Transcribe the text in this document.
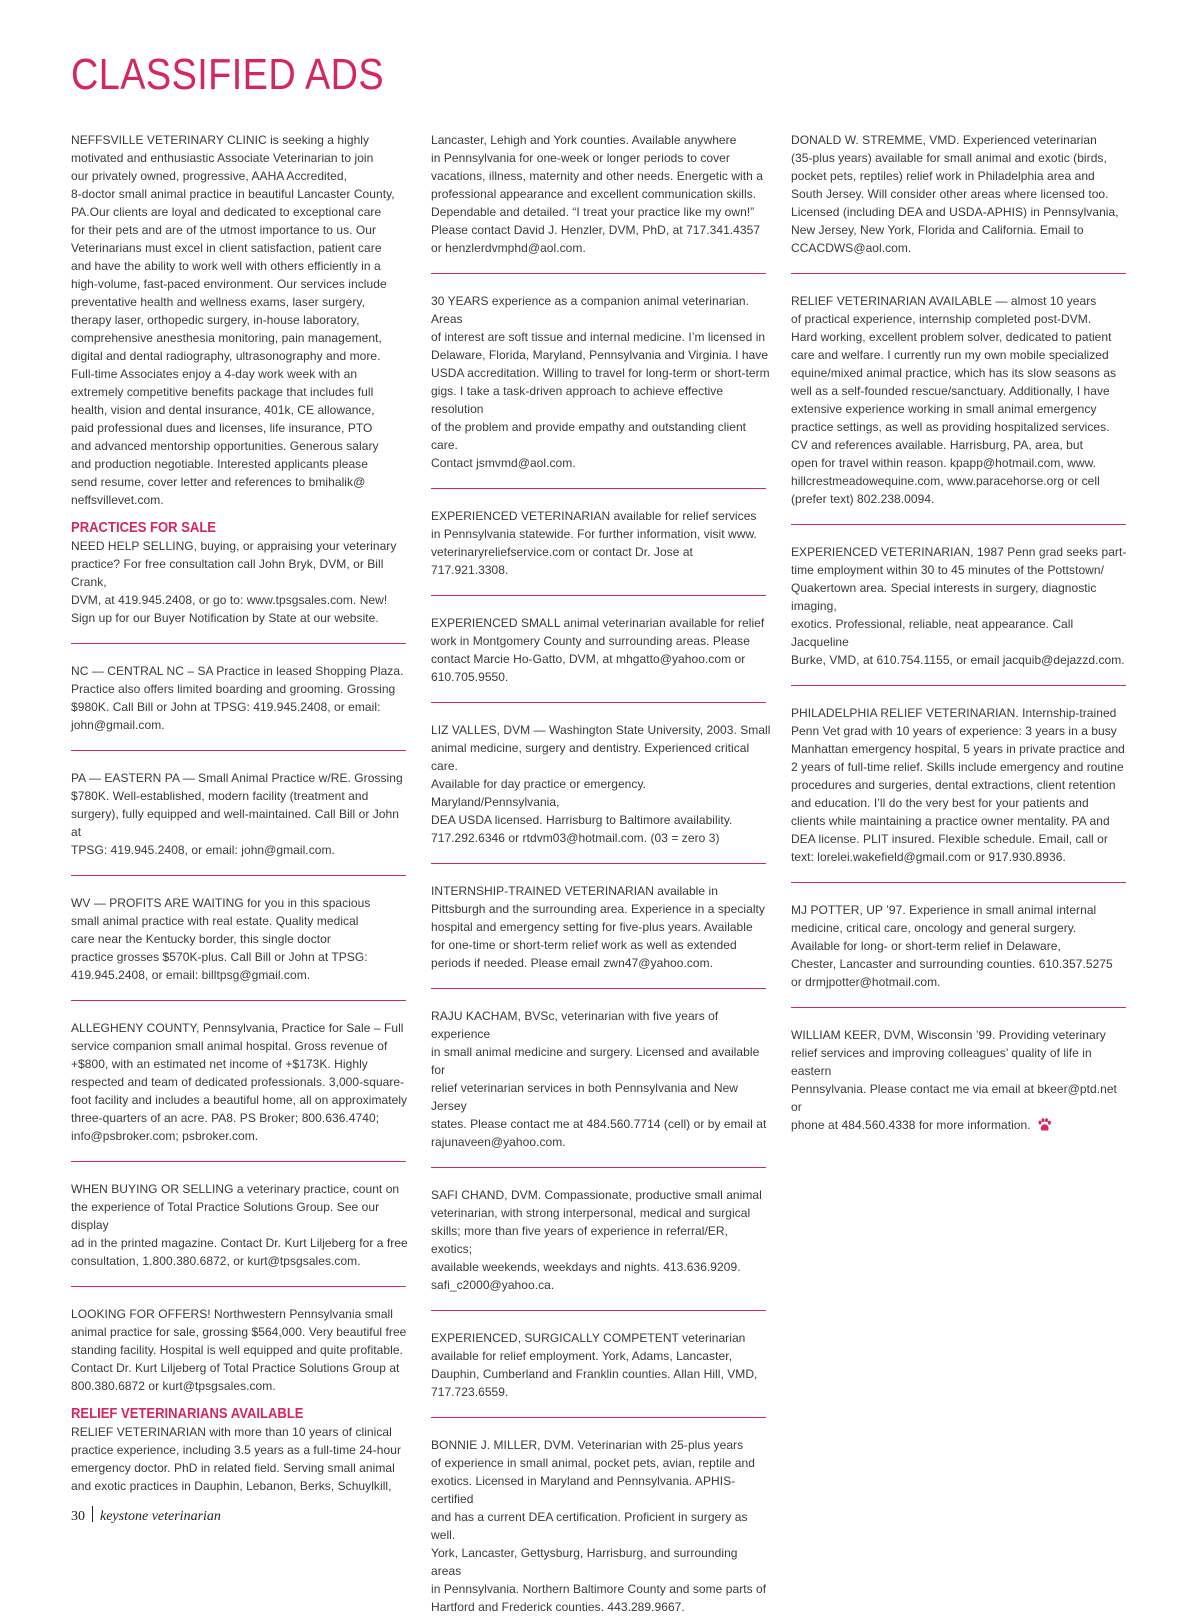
CLASSIFIED ADS

NEFFSVILLE VETERINARY CLINIC is seeking a highly
motivated and enthusiastic Associate Veterinarian to join
our privately owned, progressive, AAHA Accredited,
8-doctor small animal practice in beautiful Lancaster County,
PA.Our clients are loyal and dedicated to exceptional care
for their pets and are of the utmost importance to us. Our
Veterinarians must excel in client satisfaction, patient care
and have the ability to work well with others efficiently in a
high-volume, fast-paced environment. Our services include
preventative health and wellness exams, laser surgery,
therapy laser, orthopedic surgery, in-house laboratory,
comprehensive anesthesia monitoring, pain management,
digital and dental radiography, ultrasonography and more.
Full-time Associates enjoy a 4-day work week with an
extremely competitive benefits package that includes full
health, vision and dental insurance, 401k, CE allowance,
paid professional dues and licenses, life insurance, PTO
and advanced mentorship opportunities. Generous salary
and production negotiable. Interested applicants please
send resume, cover letter and references to bmihalik@
neffsvillevet.com.

PRACTICES FOR SALE

NEED HELP SELLING, buying, or appraising your veterinary
practice? For free consultation call John Bryk, DVM, or Bill Crank,
DVM, at 419.945.2408, or go to: www.tpsgsales.com. New!
Sign up for our Buyer Notification by State at our website.

NC — CENTRAL NC – SA Practice in leased Shopping Plaza.
Practice also offers limited boarding and grooming. Grossing
$980K. Call Bill or John at TPSG: 419.945.2408, or email:
john@gmail.com.

PA — EASTERN PA — Small Animal Practice w/RE. Grossing
$780K. Well-established, modern facility (treatment and
surgery), fully equipped and well-maintained. Call Bill or John at
TPSG: 419.945.2408, or email: john@gmail.com.

WV — PROFITS ARE WAITING for you in this spacious
small animal practice with real estate. Quality medical
care near the Kentucky border, this single doctor
practice grosses $570K-plus. Call Bill or John at TPSG:
419.945.2408, or email: billtpsg@gmail.com.

ALLEGHENY COUNTY, Pennsylvania, Practice for Sale – Full
service companion small animal hospital. Gross revenue of
+$800, with an estimated net income of +$173K. Highly
respected and team of dedicated professionals. 3,000-square-
foot facility and includes a beautiful home, all on approximately
three-quarters of an acre. PA8. PS Broker; 800.636.4740;
info@psbroker.com; psbroker.com.

WHEN BUYING OR SELLING a veterinary practice, count on
the experience of Total Practice Solutions Group. See our display
ad in the printed magazine. Contact Dr. Kurt Liljeberg for a free
consultation, 1.800.380.6872, or kurt@tpsgsales.com.

LOOKING FOR OFFERS! Northwestern Pennsylvania small
animal practice for sale, grossing $564,000. Very beautiful free
standing facility. Hospital is well equipped and quite profitable.
Contact Dr. Kurt Liljeberg of Total Practice Solutions Group at
800.380.6872 or kurt@tpsgsales.com.

RELIEF VETERINARIANS AVAILABLE

RELIEF VETERINARIAN with more than 10 years of clinical
practice experience, including 3.5 years as a full-time 24-hour
emergency doctor. PhD in related field. Serving small animal
and exotic practices in Dauphin, Lebanon, Berks, Schuylkill,

Lancaster, Lehigh and York counties. Available anywhere
in Pennsylvania for one-week or longer periods to cover
vacations, illness, maternity and other needs. Energetic with a
professional appearance and excellent communication skills.
Dependable and detailed. “I treat your practice like my own!”
Please contact David J. Henzler, DVM, PhD, at 717.341.4357
or henzlerdvmphd@aol.com.

30 YEARS experience as a companion animal veterinarian. Areas
of interest are soft tissue and internal medicine. I’m licensed in
Delaware, Florida, Maryland, Pennsylvania and Virginia. I have
USDA accreditation. Willing to travel for long-term or short-term
gigs. I take a task-driven approach to achieve effective resolution
of the problem and provide empathy and outstanding client care.
Contact jsmvmd@aol.com.

EXPERIENCED VETERINARIAN available for relief services
in Pennsylvania statewide. For further information, visit www.
veterinaryreliefservice.com or contact Dr. Jose at 717.921.3308.

EXPERIENCED SMALL animal veterinarian available for relief
work in Montgomery County and surrounding areas. Please
contact Marcie Ho-Gatto, DVM, at mhgatto@yahoo.com or
610.705.9550.

LIZ VALLES, DVM — Washington State University, 2003. Small
animal medicine, surgery and dentistry. Experienced critical care.
Available for day practice or emergency. Maryland/Pennsylvania,
DEA USDA licensed. Harrisburg to Baltimore availability.
717.292.6346 or rtdvm03@hotmail.com. (03 = zero 3)

INTERNSHIP-TRAINED VETERINARIAN available in
Pittsburgh and the surrounding area. Experience in a specialty
hospital and emergency setting for five-plus years. Available
for one-time or short-term relief work as well as extended
periods if needed. Please email zwn47@yahoo.com.

RAJU KACHAM, BVSc, veterinarian with five years of experience
in small animal medicine and surgery. Licensed and available for
relief veterinarian services in both Pennsylvania and New Jersey
states. Please contact me at 484.560.7714 (cell) or by email at
rajunaveen@yahoo.com.

SAFI CHAND, DVM. Compassionate, productive small animal
veterinarian, with strong interpersonal, medical and surgical
skills; more than five years of experience in referral/ER, exotics;
available weekends, weekdays and nights. 413.636.9209.
safi_c2000@yahoo.ca.

EXPERIENCED, SURGICALLY COMPETENT veterinarian
available for relief employment. York, Adams, Lancaster,
Dauphin, Cumberland and Franklin counties. Allan Hill, VMD,
717.723.6559.

BONNIE J. MILLER, DVM. Veterinarian with 25-plus years
of experience in small animal, pocket pets, avian, reptile and
exotics. Licensed in Maryland and Pennsylvania. APHIS-certified
and has a current DEA certification. Proficient in surgery as well.
York, Lancaster, Gettysburg, Harrisburg, and surrounding areas
in Pennsylvania. Northern Baltimore County and some parts of
Hartford and Frederick counties. 443.289.9667.

DONALD W. STREMME, VMD. Experienced veterinarian
(35-plus years) available for small animal and exotic (birds,
pocket pets, reptiles) relief work in Philadelphia area and
South Jersey. Will consider other areas where licensed too.
Licensed (including DEA and USDA-APHIS) in Pennsylvania,
New Jersey, New York, Florida and California. Email to
CCACDWS@aol.com.

RELIEF VETERINARIAN AVAILABLE — almost 10 years
of practical experience, internship completed post-DVM.
Hard working, excellent problem solver, dedicated to patient
care and welfare. I currently run my own mobile specialized
equine/mixed animal practice, which has its slow seasons as
well as a self-founded rescue/sanctuary. Additionally, I have
extensive experience working in small animal emergency
practice settings, as well as providing hospitalized services.
CV and references available. Harrisburg, PA, area, but
open for travel within reason. kpapp@hotmail.com, www.
hillcrestmeadowequine.com, www.paracehorse.org or cell
(prefer text) 802.238.0094.

EXPERIENCED VETERINARIAN, 1987 Penn grad seeks part-
time employment within 30 to 45 minutes of the Pottstown/
Quakertown area. Special interests in surgery, diagnostic imaging,
exotics. Professional, reliable, neat appearance. Call Jacqueline
Burke, VMD, at 610.754.1155, or email jacquib@dejazzd.com.

PHILADELPHIA RELIEF VETERINARIAN. Internship-trained
Penn Vet grad with 10 years of experience: 3 years in a busy
Manhattan emergency hospital, 5 years in private practice and
2 years of full-time relief. Skills include emergency and routine
procedures and surgeries, dental extractions, client retention
and education. I’ll do the very best for your patients and
clients while maintaining a practice owner mentality. PA and
DEA license. PLIT insured. Flexible schedule. Email, call or
text: lorelei.wakefield@gmail.com or 917.930.8936.

MJ POTTER, UP ’97. Experience in small animal internal
medicine, critical care, oncology and general surgery.
Available for long- or short-term relief in Delaware,
Chester, Lancaster and surrounding counties. 610.357.5275
or drmjpotter@hotmail.com.

WILLIAM KEER, DVM, Wisconsin ’99. Providing veterinary
relief services and improving colleagues’ quality of life in eastern
Pennsylvania. Please contact me via email at bkeer@ptd.net or
phone at 484.560.4338 for more information.

30 keystone veterinarian
